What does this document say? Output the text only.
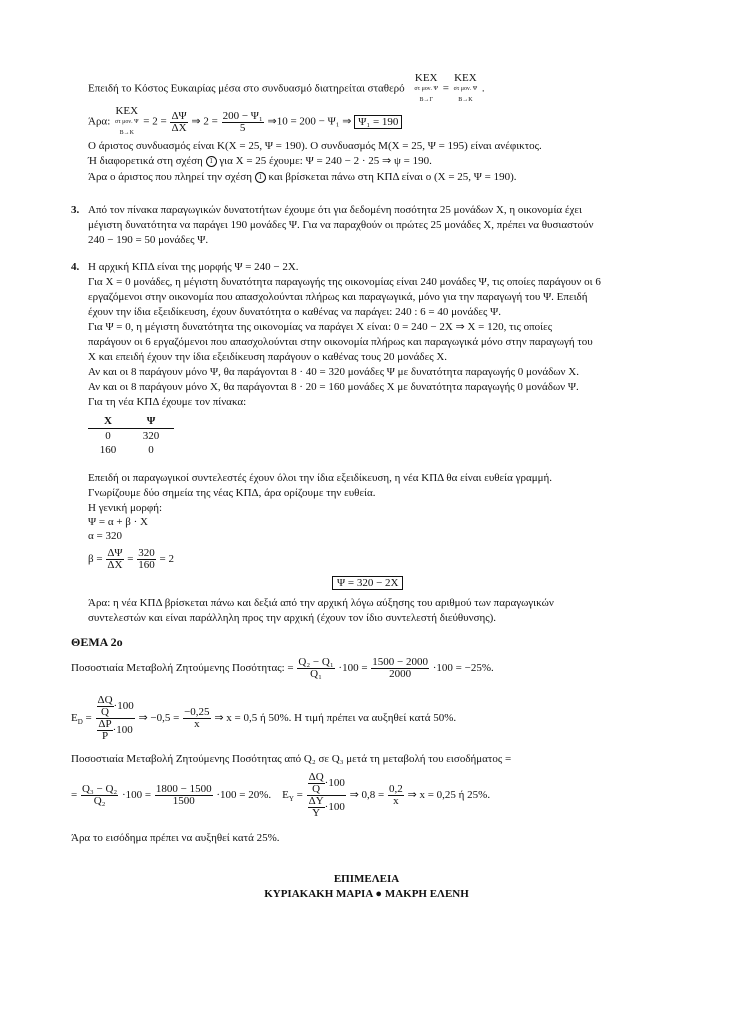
Επειδή το Κόστος Ευκαιρίας μέσα στο συνδυασμό διατηρείται σταθερό
ΚΕΧ
στ μον. Ψ
Β→Γ
=
ΚΕΧ
στ μον. Ψ
Β→Κ
.
Άρα:
ΚΕΧ
στ μον. Ψ
Β→Κ
= $2 = \frac{\Delta\Psi}{\Delta X}$ ⇒ $2 = \frac{\text{200 − Ψ₁}}{5}$ ⇒10 = 200 − Ψ₁ ⇒ Ψ₁ = 190
Ο άριστος συνδυασμός είναι Κ(Χ = 25, Ψ = 190). Ο συνδυασμός Μ(Χ = 25, Ψ = 195) είναι ανέφικτος.
Ή διαφορετικά στη σχέση 1 για Χ = 25 έχουμε: Ψ = 240 − 2 · 25 ⇒ ψ = 190.
Άρα ο άριστος που πληρεί την σχέση 1 και βρίσκεται πάνω στη ΚΠΔ είναι ο (Χ = 25, Ψ = 190).
3. Από τον πίνακα παραγωγικών δυνατοτήτων έχουμε ότι για δεδομένη ποσότητα 25 μονάδων Χ, η οικονομία έχει
μέγιστη δυνατότητα να παράγει 190 μονάδες Ψ. Για να παραχθούν οι πρώτες 25 μονάδες Χ, πρέπει να θυσιαστούν
240 − 190 = 50 μονάδες Ψ.
4. Η αρχική ΚΠΔ είναι της μορφής Ψ = 240 − 2Χ.
Για Χ = 0 μονάδες, η μέγιστη δυνατότητα παραγωγής της οικονομίας είναι 240 μονάδες Ψ, τις οποίες παράγουν οι 6
εργαζόμενοι στην οικονομία που απασχολούνται πλήρως και παραγωγικά, μόνο για την παραγωγή του Ψ. Επειδή
έχουν την ίδια εξειδίκευση, έχουν δυνατότητα ο καθένας να παράγει: 240 : 6 = 40 μονάδες Ψ.
Για Ψ = 0, η μέγιστη δυνατότητα της οικονομίας να παράγει Χ είναι: 0 = 240 − 2Χ ⇒ Χ = 120, τις οποίες
παράγουν οι 6 εργαζόμενοι που απασχολούνται στην οικονομία πλήρως και παραγωγικά μόνο στην παραγωγή του
Χ και επειδή έχουν την ίδια εξειδίκευση παράγουν ο καθένας τους 20 μονάδες Χ.
Αν και οι 8 παράγουν μόνο Ψ, θα παράγονται 8 · 40 = 320 μονάδες Ψ με δυνατότητα παραγωγής 0 μονάδων Χ.
Αν και οι 8 παράγουν μόνο Χ, θα παράγονται 8 · 20 = 160 μονάδες Χ με δυνατότητα παραγωγής 0 μονάδων Ψ.
Για τη νέα ΚΠΔ έχουμε τον πίνακα:
Χ	Ψ
0	320
160	0
Επειδή οι παραγωγικοί συντελεστές έχουν όλοι την ίδια εξειδίκευση, η νέα ΚΠΔ θα είναι ευθεία γραμμή.
Γνωρίζουμε δύο σημεία της νέας ΚΠΔ, άρα ορίζουμε την ευθεία.
Η γενική μορφή:
Ψ = α + β · Χ
α = 320
$\beta = \frac{\Delta\Psi}{\Delta X} = \frac{320}{160} = 2$
Ψ = 320 − 2Χ
Άρα: η νέα ΚΠΔ βρίσκεται πάνω και δεξιά από την αρχική λόγω αύξησης του αριθμού των παραγωγικών
συντελεστών και είναι παράλληλη προς την αρχική (έχουν τον ίδιο συντελεστή διεύθυνσης).
ΘΕΜΑ 2ο
Ποσοστιαία Μεταβολή Ζητούμενης Ποσότητας: = $\frac{\text{Q₂ − Q₁}}{\text{Q₁}} \cdot 100 = \frac{1500 - 2000}{2000} \cdot 100 = -25\%$.
$E_D = \frac{\frac{\Delta Q}{Q} \cdot 100}{\frac{\Delta P}{P} \cdot 100}$ ⇒ $-0,5 = \frac{-0,25}{x}$ ⇒ x = 0,5 ή 50%. Η τιμή πρέπει να αυξηθεί κατά 50%.
Ποσοστιαία Μεταβολή Ζητούμενης Ποσότητας από Q₂ σε Q₃ μετά τη μεταβολή του εισοδήματος =
= $\frac{\text{Q₃ − Q₂}}{\text{Q₂}} \cdot 100 = \frac{1800 - 1500}{1500} \cdot 100 = 20\%$. $E_Y = \frac{\frac{\Delta Q}{Q} \cdot 100}{\frac{\Delta Y}{Y} \cdot 100}$ ⇒ $0,8 = \frac{0,2}{x}$ ⇒ x = 0,25 ή 25%.
Άρα το εισόδημα πρέπει να αυξηθεί κατά 25%.
ΕΠΙΜΕΛΕΙΑ
ΚΥΡΙΑΚΑΚΗ ΜΑΡΙΑ ● ΜΑΚΡΗ ΕΛΕΝΗ
